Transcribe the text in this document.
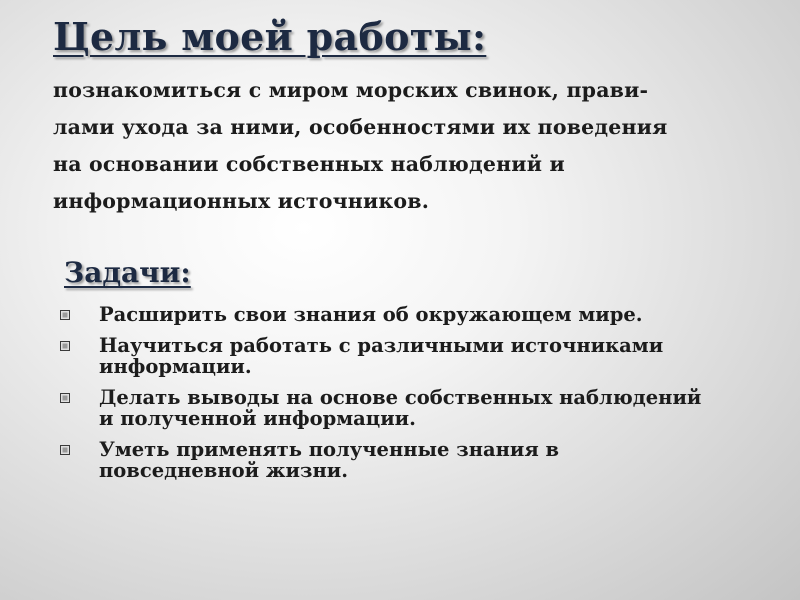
Цель моей работы:

познакомиться с миром морских свинок, прави-
лами ухода за ними, особенностями их поведения
на основании собственных наблюдений и
информационных источников.

Задачи:
Расширить свои знания об окружающем мире.
Научиться работать с различными источниками
информации.
Делать выводы на основе собственных наблюдений
и полученной информации.
Уметь применять полученные знания в
повседневной жизни.
